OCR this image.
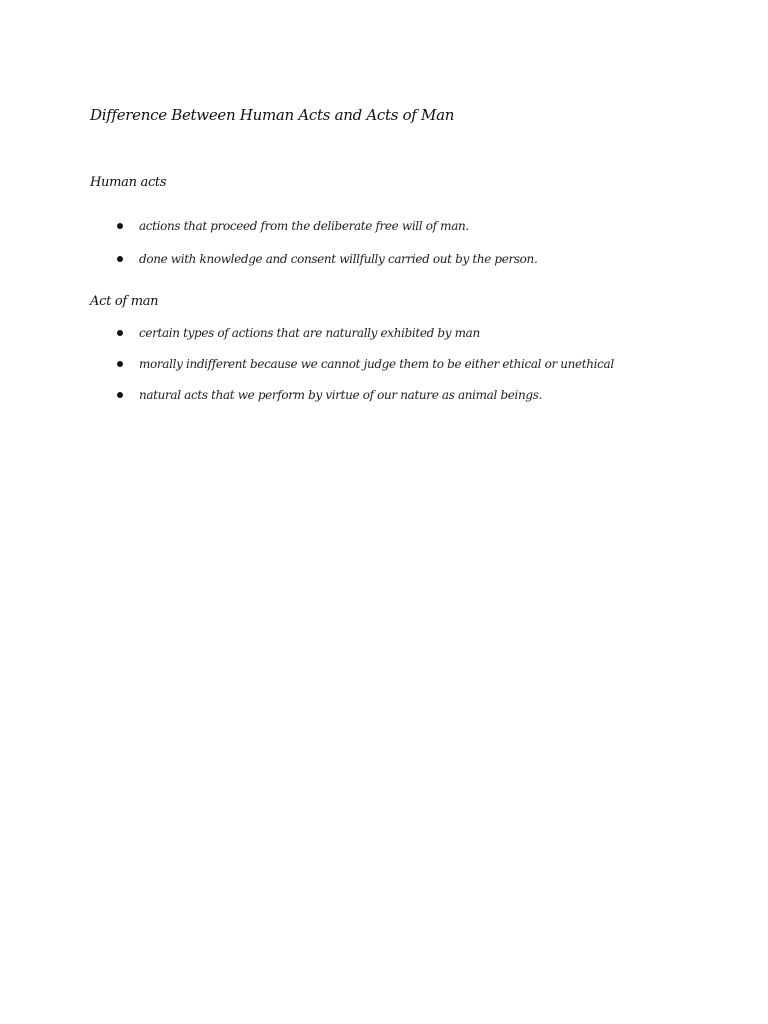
Difference Between Human Acts and Acts of Man
Human acts
actions that proceed from the deliberate free will of man.
done with knowledge and consent willfully carried out by the person.
Act of man
certain types of actions that are naturally exhibited by man
morally indifferent because we cannot judge them to be either ethical or unethical
natural acts that we perform by virtue of our nature as animal beings.
